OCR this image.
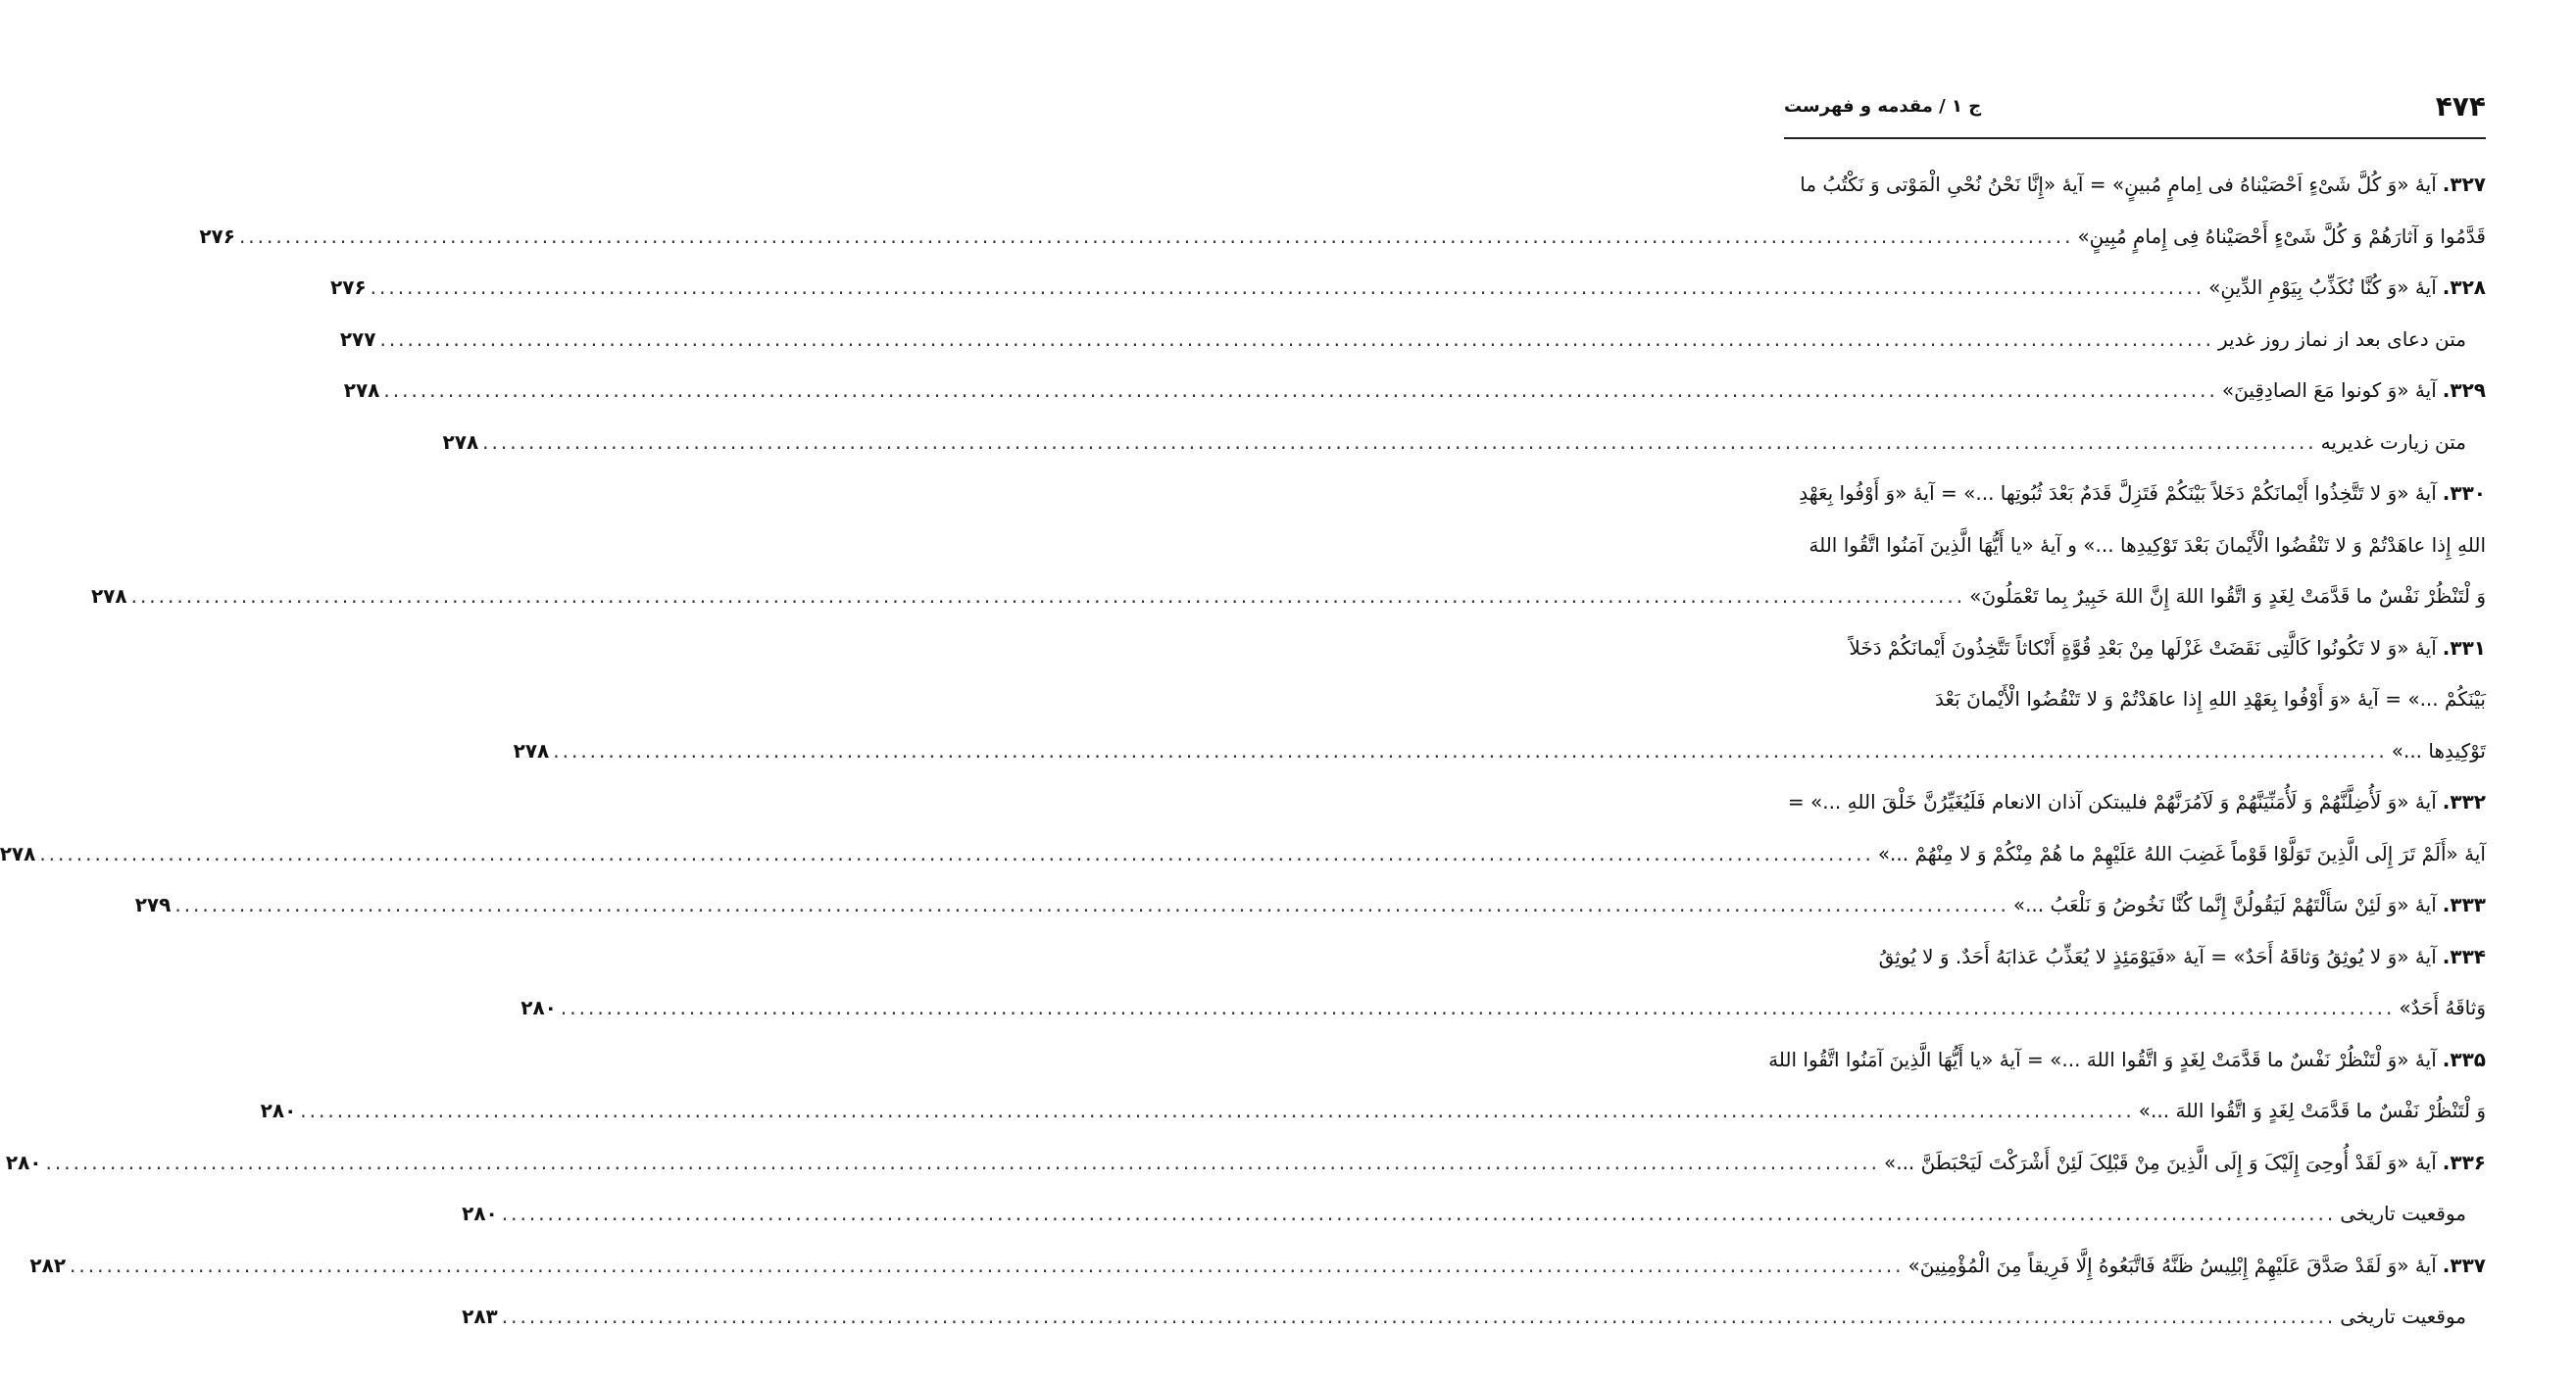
۴۷۴
ج ۱ / مقدمه و فهرست
۳۲۷.آیهٔ «وَ کُلَّ شَیْءٍ اَحْصَیْناهُ فی اِمامٍ مُبینٍ» = آیهٔ «إِنَّا نَحْنُ نُحْیِ الْمَوْتی وَ نَکْتُبُ ما
قَدَّمُوا وَ آثارَهُمْ وَ کُلَّ شَیْءٍ أَحْصَیْناهُ فِی إِمامٍ مُبِینٍ»
........................................................................................................................................................................................................
۲۷۶
۳۲۸.آیهٔ «وَ کُنَّا نُکَذِّبُ بِیَوْمِ الدِّینِ»
........................................................................................................................................................................................................
۲۷۶
متن دعای بعد از نماز روز غدیر
........................................................................................................................................................................................................
۲۷۷
۳۲۹.آیهٔ «وَ کونوا مَعَ الصادِقِینَ»
........................................................................................................................................................................................................
۲۷۸
متن زیارت غدیریه
........................................................................................................................................................................................................
۲۷۸
۳۳۰.آیهٔ «وَ لا تَتَّخِذُوا أَیْمانَکُمْ دَخَلاً بَیْنَکُمْ فَتَزِلَّ قَدَمٌ بَعْدَ ثُبُوتِها ...» = آیهٔ «وَ أَوْفُوا بِعَهْدِ
اللهِ إِذا عاهَدْتُمْ وَ لا تَنْقُضُوا الْأَیْمانَ بَعْدَ تَوْکِیدِها ...» و آیهٔ «یا أَیُّهَا الَّذِینَ آمَنُوا اتَّقُوا اللهَ
وَ لْتَنْظُرْ نَفْسٌ ما قَدَّمَتْ لِغَدٍ وَ اتَّقُوا اللهَ إِنَّ اللهَ خَبِیرٌ بِما تَعْمَلُونَ»
........................................................................................................................................................................................................
۲۷۸
۳۳۱.آیهٔ «وَ لا تَکُونُوا کَالَّتِی نَقَضَتْ غَزْلَها مِنْ بَعْدِ قُوَّةٍ أَنْکاثاً تَتَّخِذُونَ أَیْمانَکُمْ دَخَلاً
بَیْنَکُمْ ...» = آیهٔ «وَ أَوْفُوا بِعَهْدِ اللهِ إِذا عاهَدْتُمْ وَ لا تَنْقُضُوا الْأَیْمانَ بَعْدَ
تَوْکِیدِها ...»
........................................................................................................................................................................................................
۲۷۸
۳۳۲.آیهٔ «وَ لَأُضِلَّنَّهُمْ وَ لَأُمَنِّیَنَّهُمْ وَ لَآمُرَنَّهُمْ فلیبتکن آذان الانعام فَلَیُغَیِّرُنَّ خَلْقَ اللهِ ...» =
آیهٔ «أَلَمْ تَرَ إِلَی الَّذِینَ تَوَلَّوْا قَوْماً غَضِبَ اللهُ عَلَیْهِمْ ما هُمْ مِنْکُمْ وَ لا مِنْهُمْ ...»
........................................................................................................................................................................................................
۲۷۸
۳۳۳.آیهٔ «وَ لَئِنْ سَأَلْتَهُمْ لَیَقُولُنَّ إِنَّما کُنَّا نَخُوضُ وَ نَلْعَبُ ...»
........................................................................................................................................................................................................
۲۷۹
۳۳۴.آیهٔ «وَ لا یُوثِقُ وَثاقَهُ أَحَدٌ» = آیهٔ «فَیَوْمَئِذٍ لا یُعَذِّبُ عَذابَهُ أَحَدٌ. وَ لا یُوثِقُ
وَثاقَهُ أَحَدٌ»
........................................................................................................................................................................................................
۲۸۰
۳۳۵.آیهٔ «وَ لْتَنْظُرْ نَفْسٌ ما قَدَّمَتْ لِغَدٍ وَ اتَّقُوا اللهَ ...» = آیهٔ «یا أَیُّهَا الَّذِینَ آمَنُوا اتَّقُوا اللهَ
وَ لْتَنْظُرْ نَفْسٌ ما قَدَّمَتْ لِغَدٍ وَ اتَّقُوا اللهَ ...»
........................................................................................................................................................................................................
۲۸۰
۳۳۶.آیهٔ «وَ لَقَدْ أُوحِیَ إِلَیْکَ وَ إِلَی الَّذِینَ مِنْ قَبْلِکَ لَئِنْ أَشْرَکْتَ لَیَحْبَطَنَّ ...»
........................................................................................................................................................................................................
۲۸۰
موقعیت تاریخی
........................................................................................................................................................................................................
۲۸۰
۳۳۷.آیهٔ «وَ لَقَدْ صَدَّقَ عَلَیْهِمْ إِبْلِیسُ ظَنَّهُ فَاتَّبَعُوهُ إِلَّا فَرِیقاً مِنَ الْمُؤْمِنِینَ»
........................................................................................................................................................................................................
۲۸۲
موقعیت تاریخی
........................................................................................................................................................................................................
۲۸۳
